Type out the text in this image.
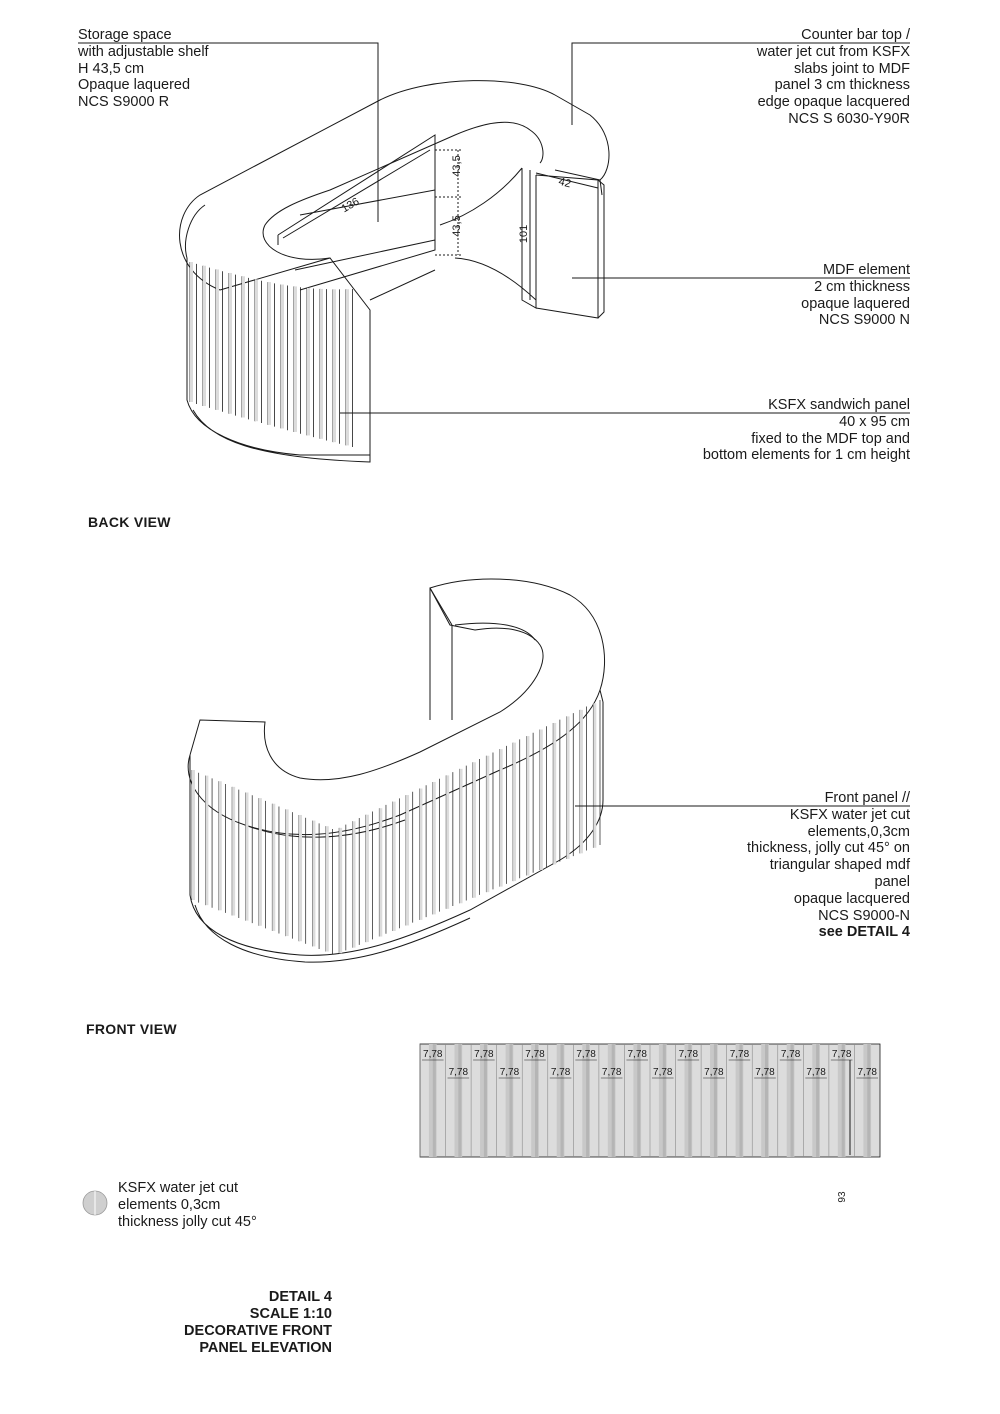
136
43,5
43,5	101
42
7,78
7,78
7,78
7,78
7,78
7,78
7,78
7,78
7,78
7,78
7,78
7,78
7,78
7,78
7,78
7,78
7,78
7,78
93
Storage space
with adjustable shelf
H 43,5 cm
Opaque laquered
NCS S9000 R
Counter bar top /
water jet cut from KSFX
slabs joint to MDF
panel 3 cm thickness
edge opaque lacquered
NCS S 6030-Y90R
MDF element
2 cm thickness
opaque laquered
NCS S9000 N
KSFX sandwich panel
40 x 95 cm
fixed to the MDF top and
bottom elements for 1 cm height
BACK VIEW
Front panel //
KSFX water jet cut
elements,0,3cm
thickness, jolly cut 45° on
triangular shaped mdf
panel
opaque lacquered
NCS S9000-N
see DETAIL 4
FRONT VIEW
KSFX water jet cut
elements 0,3cm
thickness jolly cut 45°
DETAIL 4
SCALE 1:10
DECORATIVE FRONT
PANEL ELEVATION
